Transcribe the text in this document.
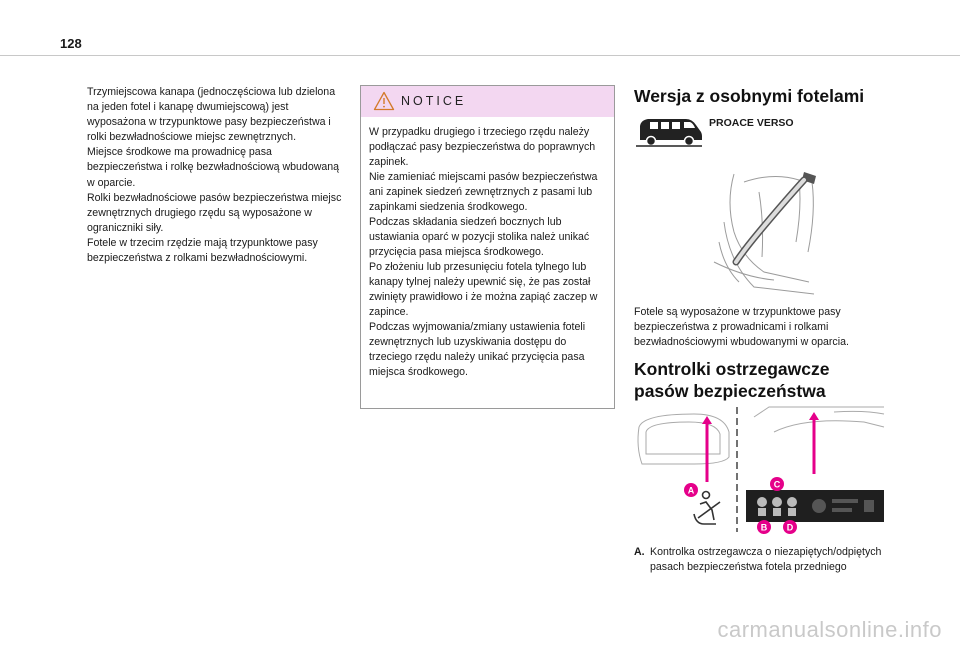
128

Trzymiejscowa kanapa (jednoczęściowa lub dzielona na jeden fotel i kanapę dwumiejscową) jest wyposażona w trzypunktowe pasy bezpieczeństwa i rolki bezwładnościowe miejsc zewnętrznych.

Miejsce środkowe ma prowadnicę pasa bezpieczeństwa i rolkę bezwładnościową wbudowaną w oparcie.

Rolki bezwładnościowe pasów bezpieczeństwa miejsc zewnętrznych drugiego rzędu są wyposażone w ograniczniki siły.

Fotele w trzecim rzędzie mają trzypunktowe pasy bezpieczeństwa z rolkami bezwładnościowymi.

NOTICE

W przypadku drugiego i trzeciego rzędu należy podłączać pasy bezpieczeństwa do poprawnych zapinek.

Nie zamieniać miejscami pasów bezpieczeństwa ani zapinek siedzeń zewnętrznych z pasami lub zapinkami siedzenia środkowego.

Podczas składania siedzeń bocznych lub ustawiania oparć w pozycji stolika należ unikać przycięcia pasa miejsca środkowego.

Po złożeniu lub przesunięciu fotela tylnego lub kanapy tylnej należy upewnić się, że pas został zwinięty prawidłowo i że można zapiąć zaczep w zapince.

Podczas wyjmowania/zmiany ustawienia foteli zewnętrznych lub uzyskiwania dostępu do trzeciego rzędu należy unikać przycięcia pasa miejsca środkowego.

Wersja z osobnymi fotelami
PROACE VERSO
Fotele są wyposażone w trzypunktowe pasy bezpieczeństwa z prowadnicami i rolkami bezwładnościowymi wbudowanymi w oparcia.
Kontrolki ostrzegawcze pasów bezpieczeństwa
A
C
B D
A. Kontrolka ostrzegawcza o niezapiętych/odpiętych pasach bezpieczeństwa fotela przedniego
carmanualsonline.info
